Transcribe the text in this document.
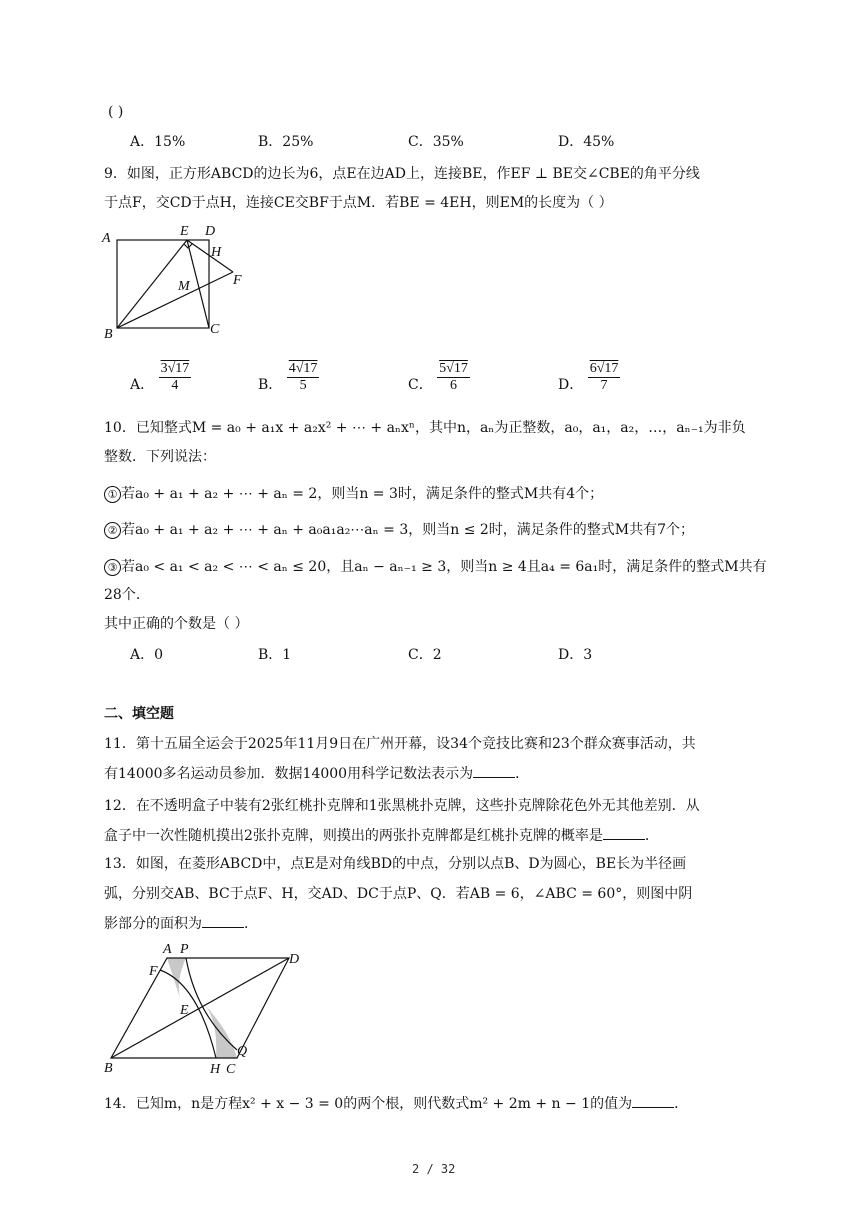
( )
A．15%	B．25%	C．35%	D．45%
9．如图，正方形ABCD的边长为6，点E在边AD上，连接BE，作EF ⊥ BE交∠CBE的角平分线
于点F，交CD于点H，连接CE交BF于点M．若BE = 4EH，则EM的长度为（ ）
A	E D
H
M	F
B	C
A． $\frac{3√17}{4}$	B． $\frac{4√17}{5}$	C． $\frac{5√17}{6}$	D． $\frac{6√17}{7}$
10．已知整式M = a₀ + a₁x + a₂x² + ⋯ + aₙxⁿ，其中n，aₙ为正整数，a₀，a₁，a₂，…，aₙ₋₁为非负
整数．下列说法：
① 若a₀ + a₁ + a₂ + ⋯ + aₙ = 2，则当n = 3时，满足条件的整式M共有4个；
② 若a₀ + a₁ + a₂ + ⋯ + aₙ + a₀a₁a₂⋯aₙ = 3，则当n ≤ 2时，满足条件的整式M共有7个；
③ 若a₀ < a₁ < a₂ < ⋯ < aₙ ≤ 20，且aₙ − aₙ₋₁ ≥ 3，则当n ≥ 4且a₄ = 6a₁时，满足条件的整式M共有
28个.
其中正确的个数是（ ）
A．0	B．1	C．2	D．3
二、填空题
11．第十五届全运会于2025年11月9日在广州开幕，设34个竞技比赛和23个群众赛事活动，共
有14000多名运动员参加．数据14000用科学记数法表示为	．
12．在不透明盒子中装有2张红桃扑克牌和1张黑桃扑克牌，这些扑克牌除花色外无其他差别．从
盒子中一次性随机摸出2张扑克牌，则摸出的两张扑克牌都是红桃扑克牌的概率是	．
13．如图，在菱形ABCD中，点E是对角线BD的中点，分别以点B、D为圆心，BE长为半径画
弧，分别交AB、BC于点F、H，交AD、DC于点P、Q．若AB = 6，∠ABC = 60°，则图中阴
影部分的面积为	．
A P
D
F
E
B	H C
Q
14．已知m，n是方程x² + x − 3 = 0的两个根，则代数式m² + 2m + n − 1的值为	．
2 / 32
